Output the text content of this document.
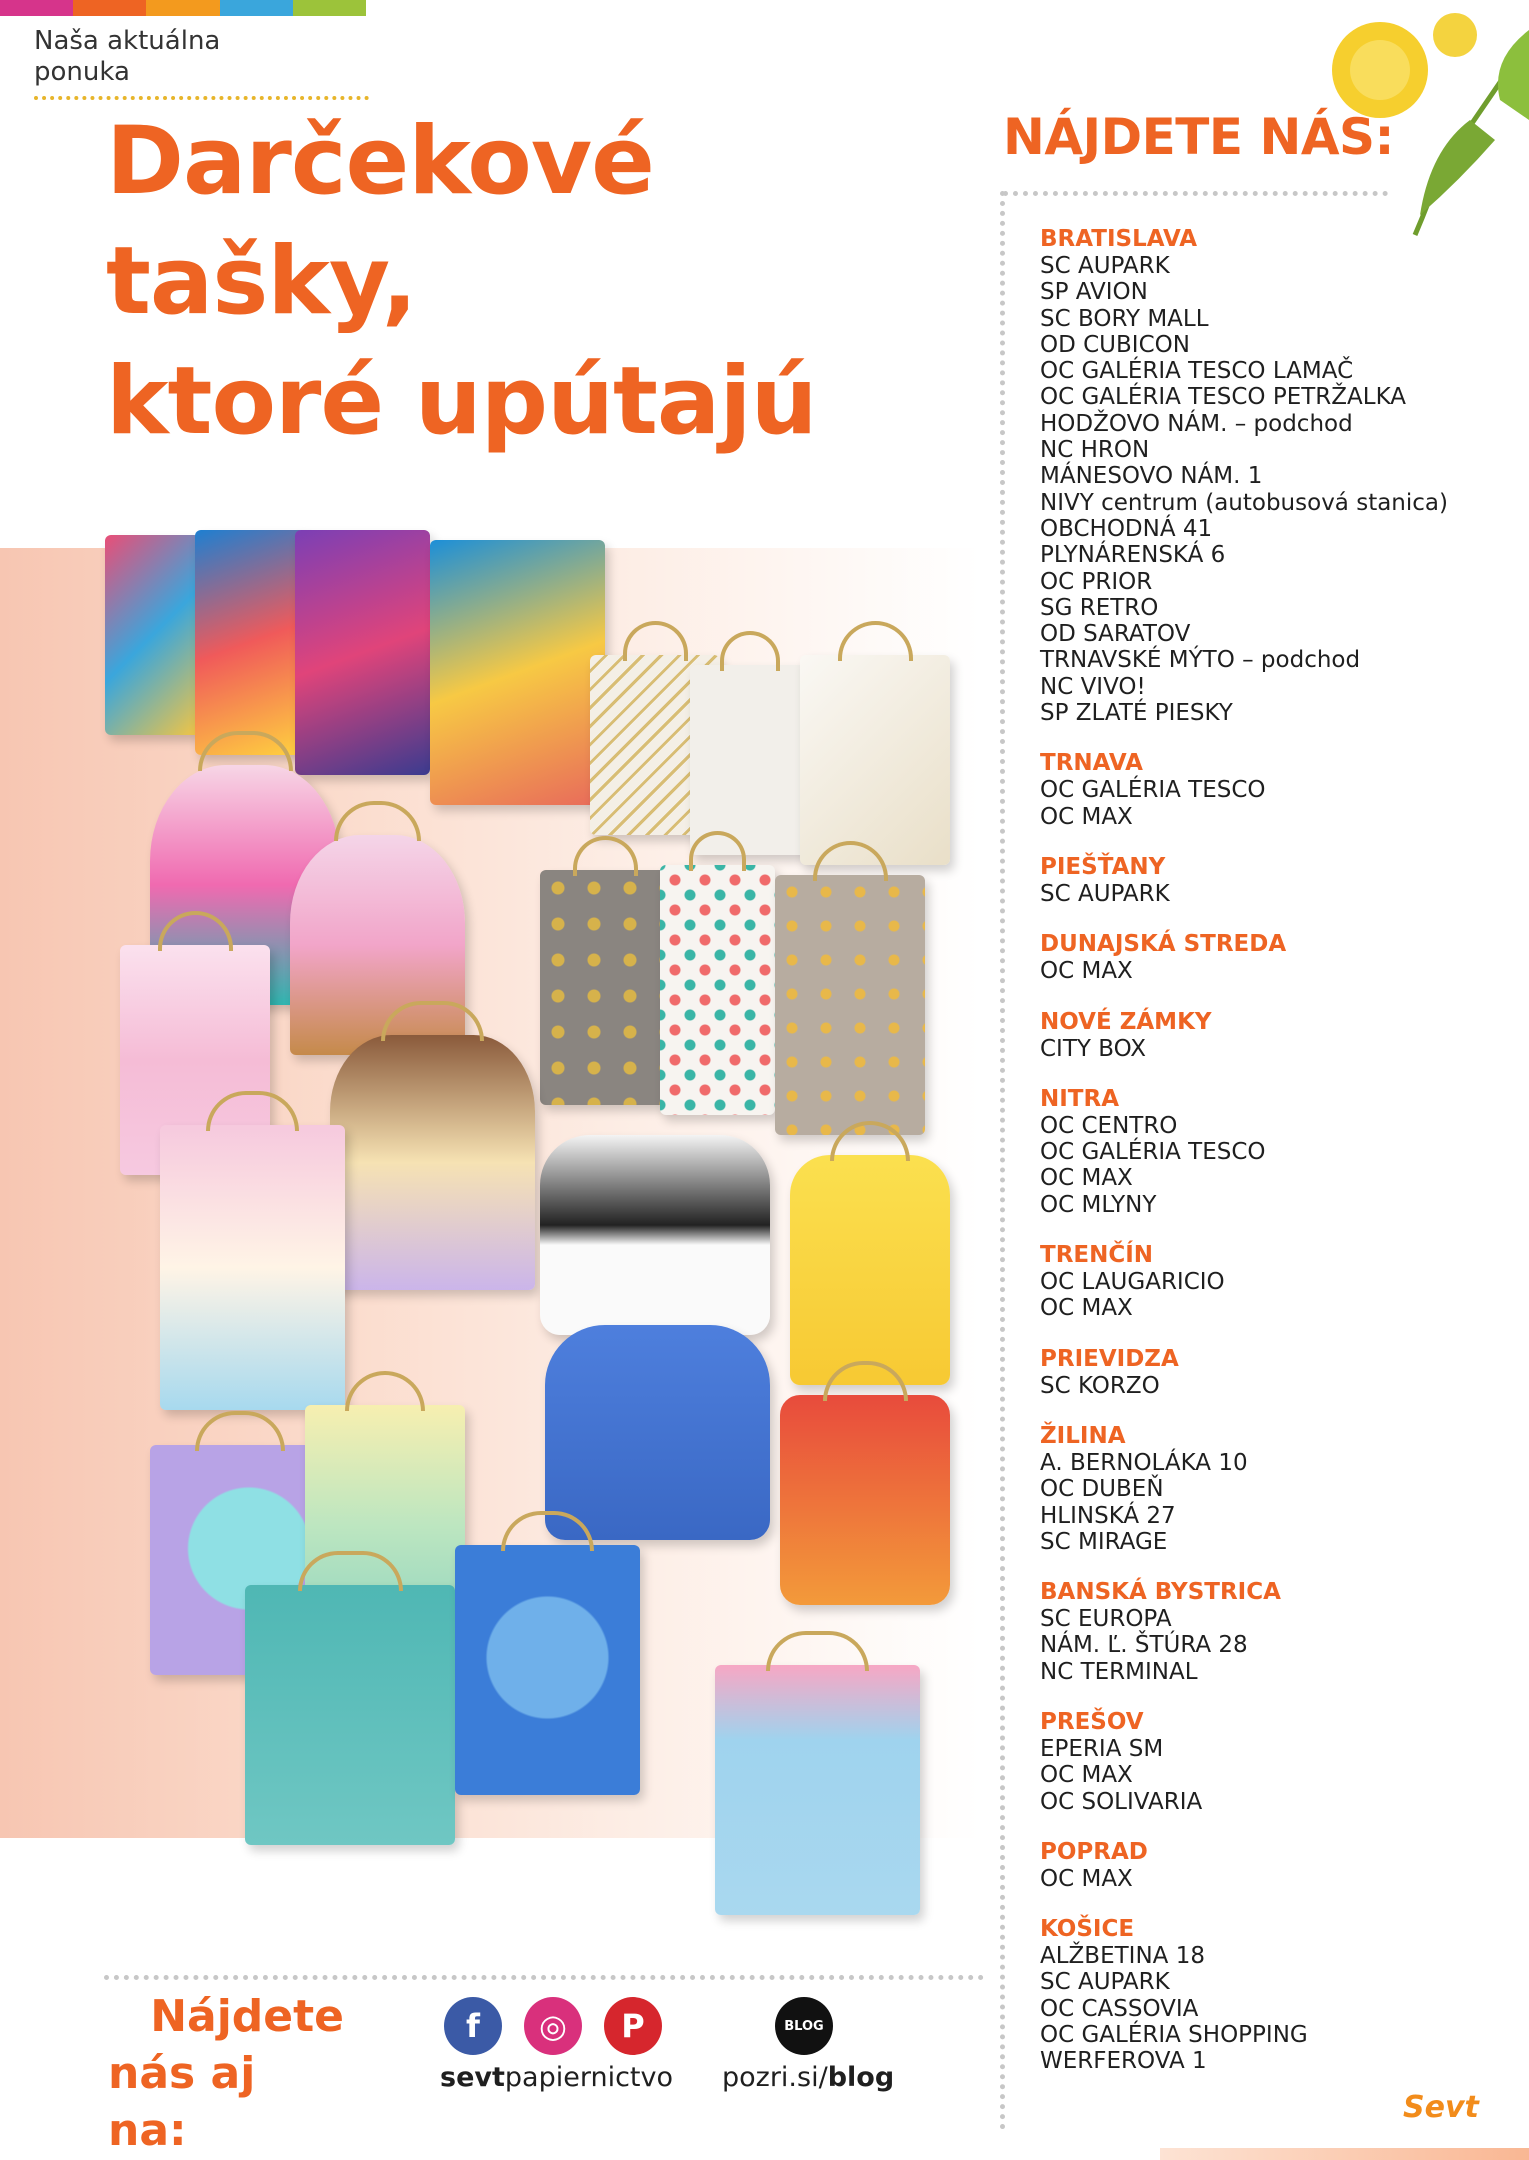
Naša aktuálna ponuka
Darčekové
tašky,
ktoré upútajú
NÁJDETE NÁS:
BRATISLAVA
SC AUPARK
SP AVION
SC BORY MALL
OD CUBICON
OC GALÉRIA TESCO LAMAČ
OC GALÉRIA TESCO PETRŽALKA
HODŽOVO NÁM. – podchod
NC HRON
MÁNESOVO NÁM. 1
NIVY centrum (autobusová stanica)
OBCHODNÁ 41
PLYNÁRENSKÁ 6
OC PRIOR
SG RETRO
OD SARATOV
TRNAVSKÉ MÝTO – podchod
NC VIVO!
SP ZLATÉ PIESKY
TRNAVA
OC GALÉRIA TESCO
OC MAX
PIEŠŤANY
SC AUPARK
DUNAJSKÁ STREDA
OC MAX
NOVÉ ZÁMKY
CITY BOX
NITRA
OC CENTRO
OC GALÉRIA TESCO
OC MAX
OC MLYNY
TRENČÍN
OC LAUGARICIO
OC MAX
PRIEVIDZA
SC KORZO
ŽILINA
A. BERNOLÁKA 10
OC DUBEŇ
HLINSKÁ 27
SC MIRAGE
BANSKÁ BYSTRICA
SC EUROPA
NÁM. Ľ. ŠTÚRA 28
NC TERMINAL
PREŠOV
EPERIA SM
OC MAX
OC SOLIVARIA
POPRAD
OC MAX
KOŠICE
ALŽBETINA 18
SC AUPARK
OC CASSOVIA
OC GALÉRIA SHOPPING
WERFEROVA 1
Nájdete
nás aj na:
f	◎	P
sevtpapiernictvo
BLOG
pozri.si/blog
Sevt
